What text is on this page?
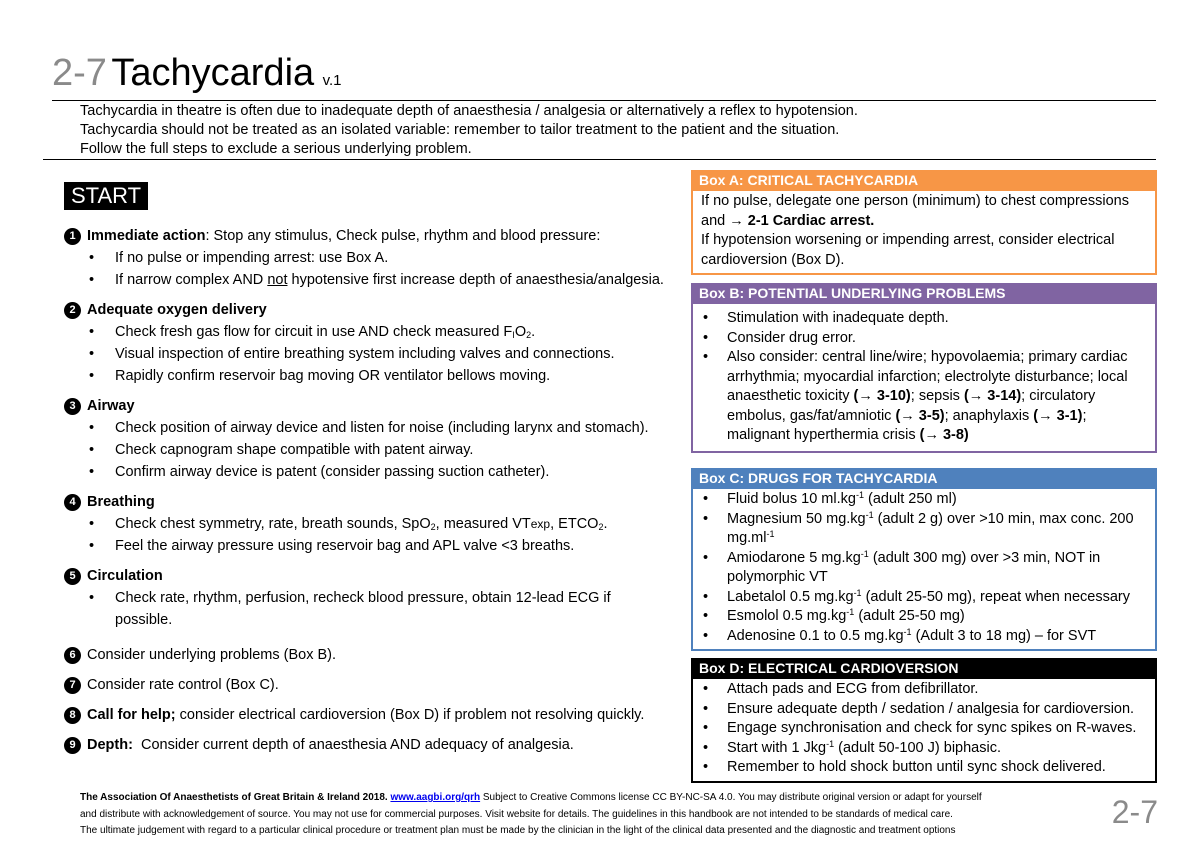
2-7 Tachycardia v.1
Tachycardia in theatre is often due to inadequate depth of anaesthesia / analgesia or alternatively a reflex to hypotension.
Tachycardia should not be treated as an isolated variable: remember to tailor treatment to the patient and the situation.
Follow the full steps to exclude a serious underlying problem.
START
1 Immediate action: Stop any stimulus, Check pulse, rhythm and blood pressure:
• If no pulse or impending arrest: use Box A.
• If narrow complex AND not hypotensive first increase depth of anaesthesia/analgesia.
2 Adequate oxygen delivery
• Check fresh gas flow for circuit in use AND check measured $F_IO_2$.
• Visual inspection of entire breathing system including valves and connections.
• Rapidly confirm reservoir bag moving OR ventilator bellows moving.
3 Airway
• Check position of airway device and listen for noise (including larynx and stomach).
• Check capnogram shape compatible with patent airway.
• Confirm airway device is patent (consider passing suction catheter).
4 Breathing
• Check chest symmetry, rate, breath sounds, SpO$_2$, measured VTexp, $ETCO_2$.
• Feel the airway pressure using reservoir bag and APL valve <3 breaths.
5 Circulation
• Check rate, rhythm, perfusion, recheck blood pressure, obtain 12-lead ECG if possible.
6 Consider underlying problems (Box B).
7 Consider rate control (Box C).
8 Call for help; consider electrical cardioversion (Box D) if problem not resolving quickly.
9 Depth:  Consider current depth of anaesthesia AND adequacy of analgesia.
Box A: CRITICAL TACHYCARDIA
If no pulse, delegate one person (minimum) to chest compressions and → 2-1 Cardiac arrest.
If hypotension worsening or impending arrest, consider electrical cardioversion (Box D).
Box B: POTENTIAL UNDERLYING PROBLEMS
• Stimulation with inadequate depth.
• Consider drug error.
• Also consider: central line/wire; hypovolaemia; primary cardiac arrhythmia; myocardial infarction; electrolyte disturbance; local anaesthetic toxicity (→ 3-10); sepsis (→ 3-14); circulatory embolus, gas/fat/amniotic (→ 3-5); anaphylaxis (→ 3-1); malignant hyperthermia crisis (→ 3-8)
Box C: DRUGS FOR TACHYCARDIA
• Fluid bolus 10 $ml.kg^{-1}$ (adult 250 ml)
• Magnesium 50 $mg.kg^{-1}$ (adult 2 g) over >10 min, max conc. 200 $mg.ml^{-1}$
• Amiodarone 5 $mg.kg^{-1}$ (adult 300 mg) over >3 min, NOT in polymorphic VT
• Labetalol 0.5 $mg.kg^{-1}$ (adult 25-50 mg), repeat when necessary
• Esmolol 0.5 $mg.kg^{-1}$ (adult 25-50 mg)
• Adenosine 0.1 to 0.5 $mg.kg^{-1}$ (Adult 3 to 18 mg) – for SVT
Box D: ELECTRICAL CARDIOVERSION
• Attach pads and ECG from defibrillator.
• Ensure adequate depth / sedation / analgesia for cardioversion.
• Engage synchronisation and check for sync spikes on R-waves.
• Start with 1 Jkg$^{-1}$ (adult 50-100 J) biphasic.
• Remember to hold shock button until sync shock delivered.
The Association Of Anaesthetists of Great Britain & Ireland 2018. www.aagbi.org/qrh Subject to Creative Commons license CC BY-NC-SA 4.0. You may distribute original version or adapt for yourself
and distribute with acknowledgement of source. You may not use for commercial purposes. Visit website for details. The guidelines in this handbook are not intended to be standards of medical care.
The ultimate judgement with regard to a particular clinical procedure or treatment plan must be made by the clinician in the light of the clinical data presented and the diagnostic and treatment options
2-7
